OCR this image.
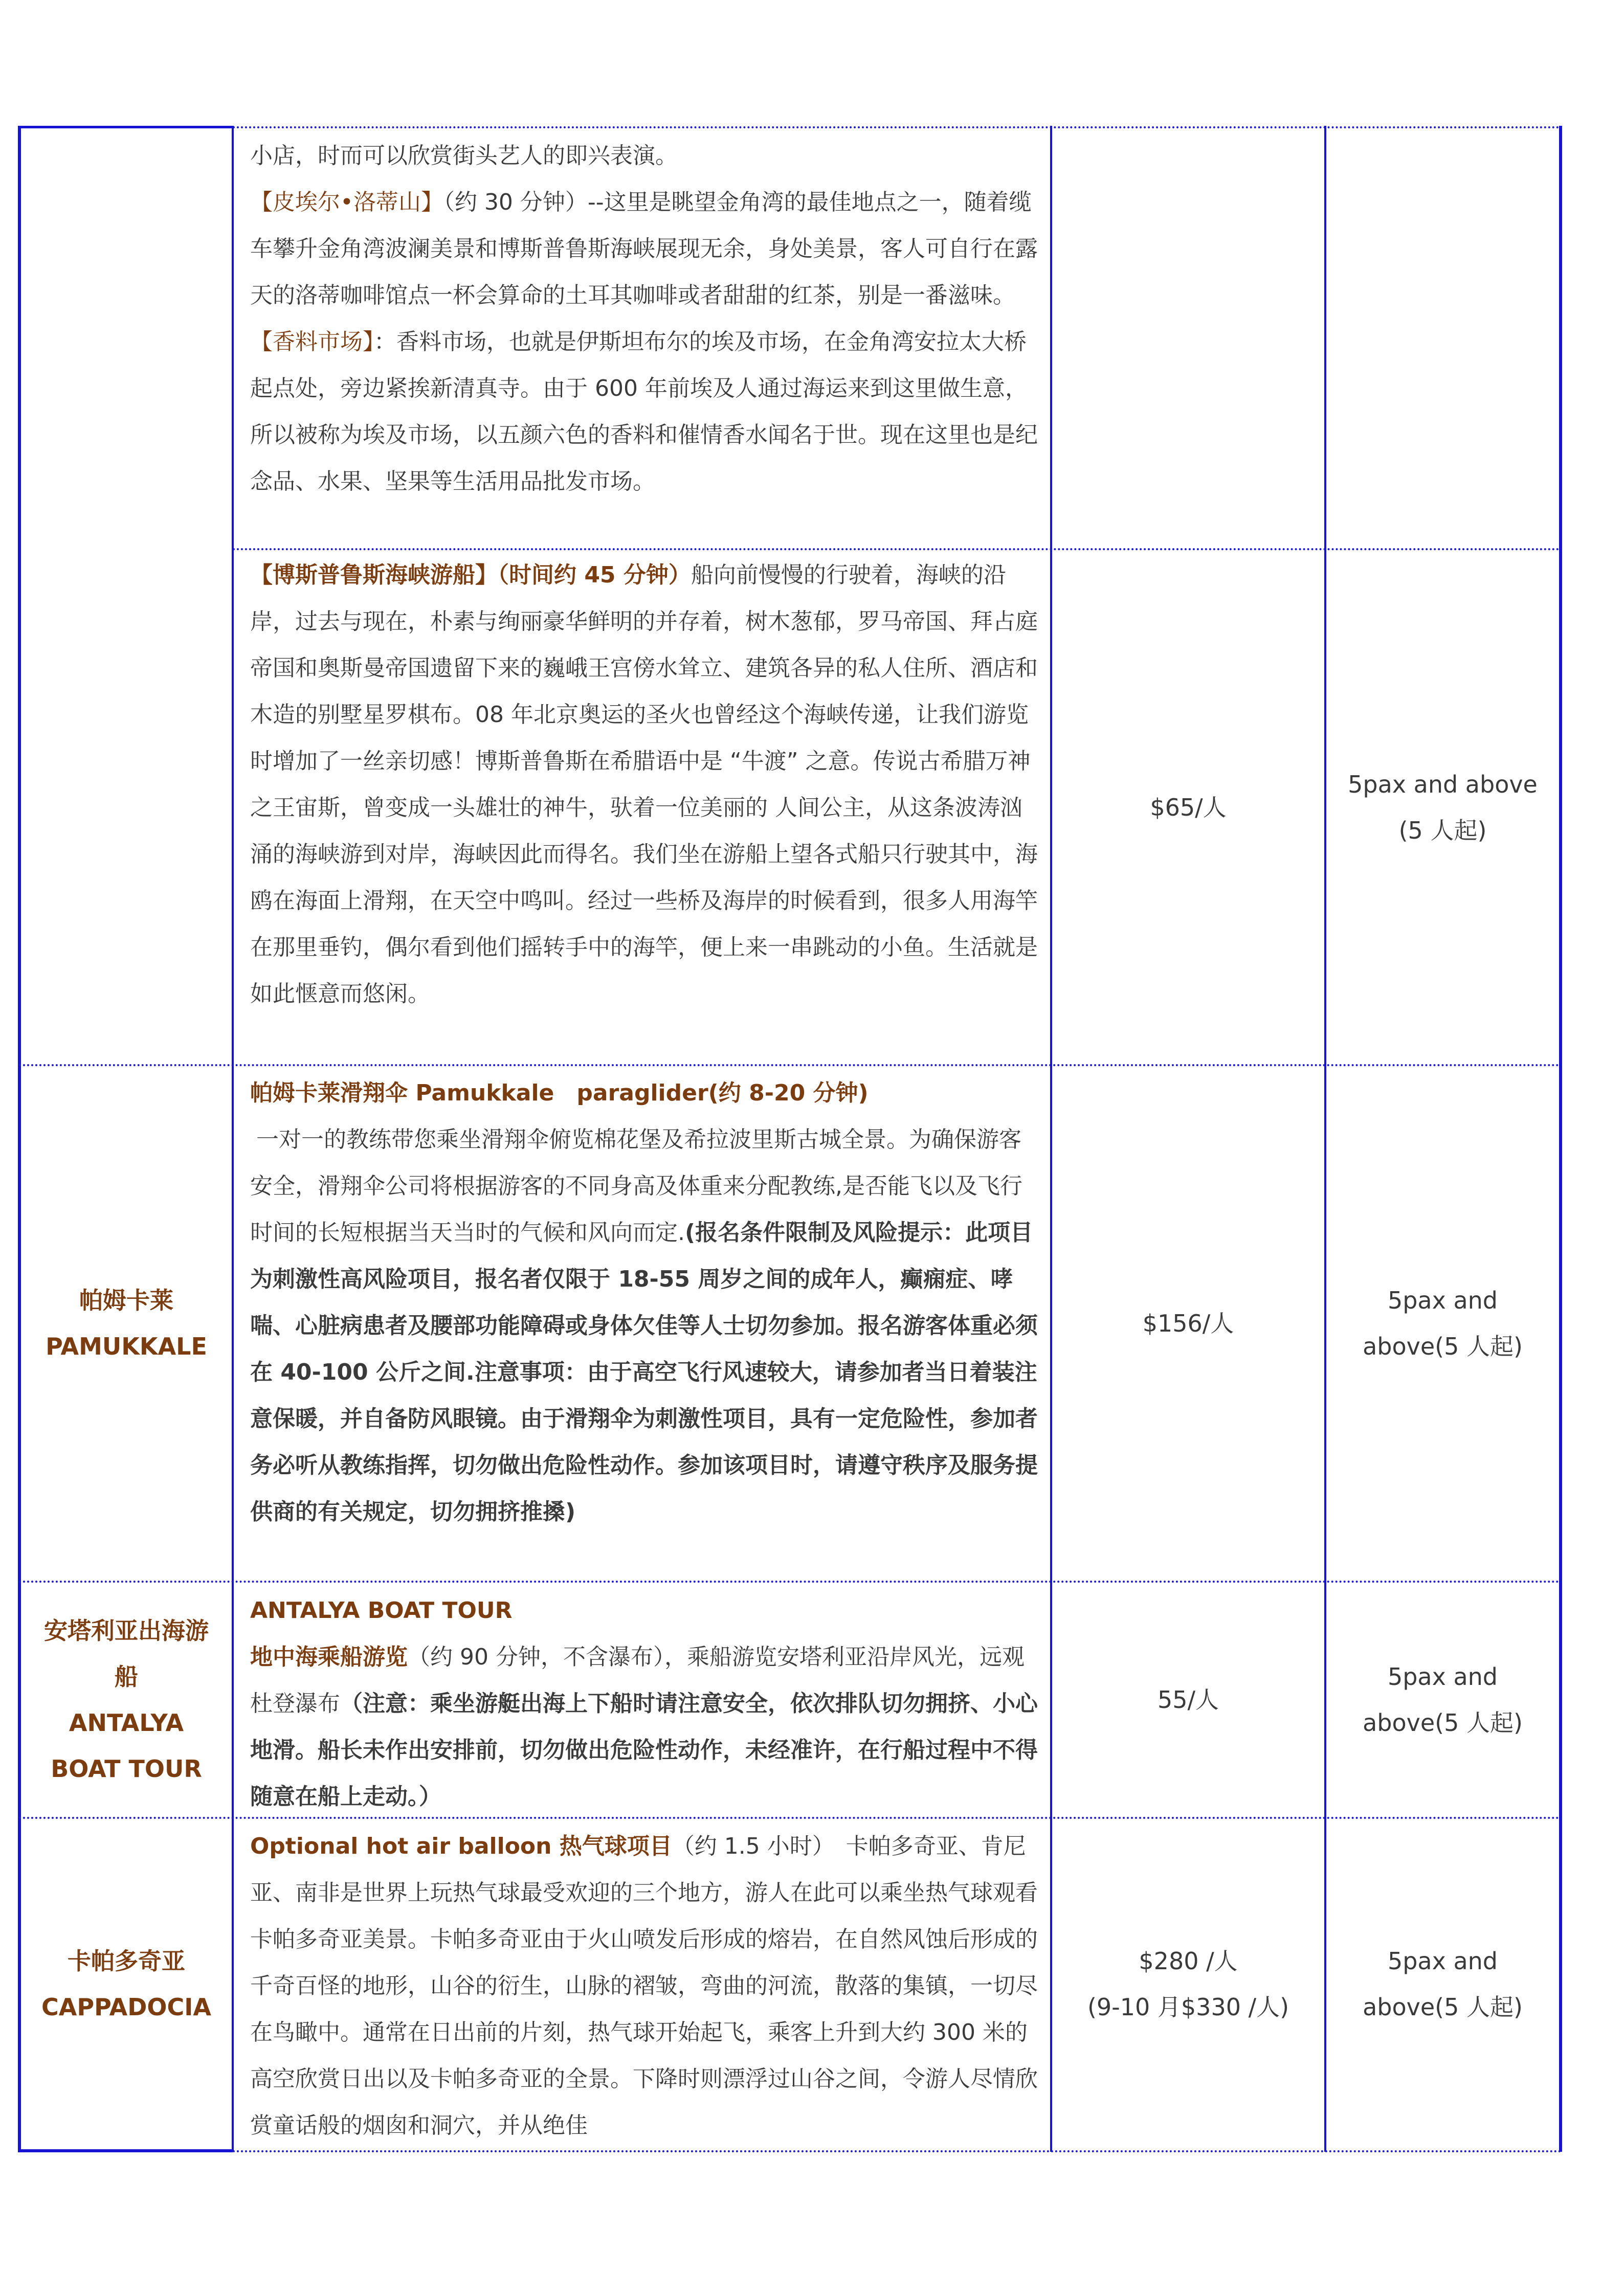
小店，时而可以欣赏街头艺人的即兴表演。

【皮埃尔•洛蒂山】（约 30 分钟）--这里是眺望金角湾的最佳地点之一，随着缆车攀升金角湾波澜美景和博斯普鲁斯海峡展现无余，身处美景，客人可自行在露天的洛蒂咖啡馆点一杯会算命的土耳其咖啡或者甜甜的红茶，别是一番滋味。

【香料市场】：香料市场，也就是伊斯坦布尔的埃及市场，在金角湾安拉太大桥起点处，旁边紧挨新清真寺。由于 600 年前埃及人通过海运来到这里做生意，所以被称为埃及市场，以五颜六色的香料和催情香水闻名于世。现在这里也是纪念品、水果、坚果等生活用品批发市场。

【博斯普鲁斯海峡游船】（时间约 45 分钟）船向前慢慢的行驶着，海峡的沿岸，过去与现在，朴素与绚丽豪华鲜明的并存着，树木葱郁，罗马帝国、拜占庭帝国和奥斯曼帝国遗留下来的巍峨王宫傍水耸立、建筑各异的私人住所、酒店和木造的别墅星罗棋布。08 年北京奥运的圣火也曾经这个海峡传递，让我们游览时增加了一丝亲切感！博斯普鲁斯在希腊语中是 “牛渡” 之意。传说古希腊万神之王宙斯，曾变成一头雄壮的神牛，驮着一位美丽的 人间公主，从这条波涛汹涌的海峡游到对岸，海峡因此而得名。我们坐在游船上望各式船只行驶其中，海鸥在海面上滑翔，在天空中鸣叫。经过一些桥及海岸的时候看到，很多人用海竿在那里垂钓，偶尔看到他们摇转手中的海竿，便上来一串跳动的小鱼。生活就是如此惬意而悠闲。

$65/人
5pax and above
(5 人起)
帕姆卡莱
PAMUKKALE

帕姆卡莱滑翔伞 Pamukkale　paraglider(约 8-20 分钟)

一对一的教练带您乘坐滑翔伞俯览棉花堡及希拉波里斯古城全景。为确保游客安全，滑翔伞公司将根据游客的不同身高及体重来分配教练,是否能飞以及飞行时间的长短根据当天当时的气候和风向而定.(报名条件限制及风险提示：此项目为刺激性高风险项目，报名者仅限于 18-55 周岁之间的成年人，癫痫症、哮喘、心脏病患者及腰部功能障碍或身体欠佳等人士切勿参加。报名游客体重必须在 40-100 公斤之间.注意事项：由于高空飞行风速较大，请参加者当日着装注意保暖，并自备防风眼镜。由于滑翔伞为刺激性项目，具有一定危险性，参加者务必听从教练指挥，切勿做出危险性动作。参加该项目时，请遵守秩序及服务提供商的有关规定，切勿拥挤推搡)

$156/人
5pax and
above(5 人起)
安塔利亚出海游船
ANTALYA BOAT TOUR

ANTALYA BOAT TOUR

地中海乘船游览（约 90 分钟，不含瀑布），乘船游览安塔利亚沿岸风光，远观杜登瀑布（注意：乘坐游艇出海上下船时请注意安全，依次排队切勿拥挤、小心地滑。船长未作出安排前，切勿做出危险性动作，未经准许，在行船过程中不得随意在船上走动。）

55/人
5pax and
above(5 人起)
卡帕多奇亚
CAPPADOCIA

Optional hot air balloon 热气球项目（约 1.5 小时）　卡帕多奇亚、肯尼亚、南非是世界上玩热气球最受欢迎的三个地方，游人在此可以乘坐热气球观看卡帕多奇亚美景。卡帕多奇亚由于火山喷发后形成的熔岩，在自然风蚀后形成的千奇百怪的地形，山谷的衍生，山脉的褶皱，弯曲的河流，散落的集镇，一切尽在鸟瞰中。通常在日出前的片刻，热气球开始起飞，乘客上升到大约 300 米的高空欣赏日出以及卡帕多奇亚的全景。下降时则漂浮过山谷之间，令游人尽情欣赏童话般的烟囱和洞穴，并从绝佳

$280 /人
(9-10 月$330 /人)
5pax and
above(5 人起)
